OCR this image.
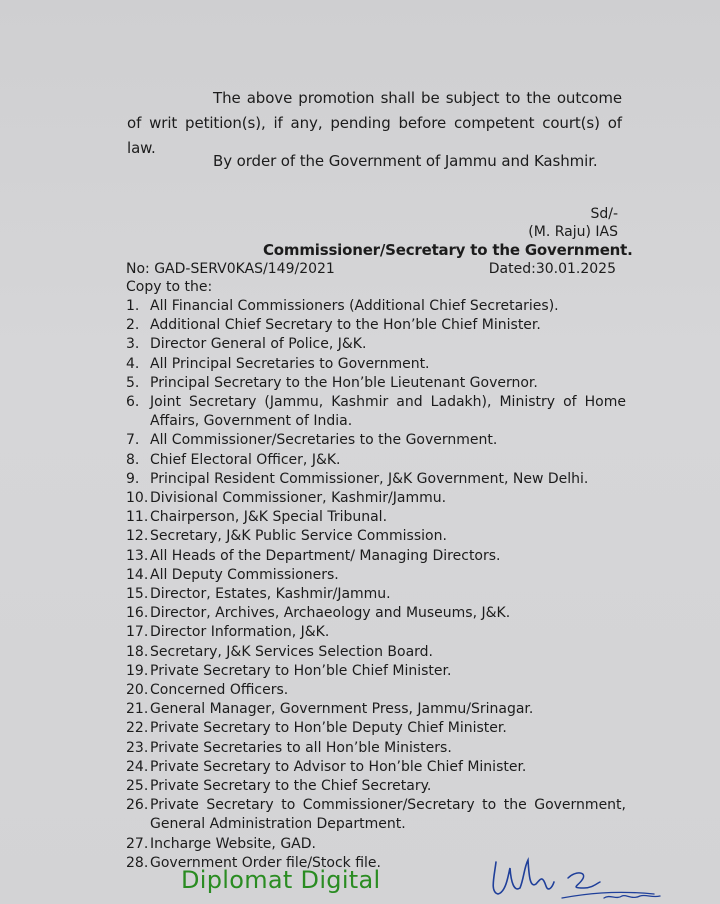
The above promotion shall be subject to the outcome of writ petition(s), if any, pending before competent court(s) of law.
By order of the Government of Jammu and Kashmir.
Sd/-
(M. Raju) IAS
Commissioner/Secretary to the Government.
No: GAD-SERV0KAS/149/2021	Dated:30.01.2025
Copy to the:
1. All Financial Commissioners (Additional Chief Secretaries).
2. Additional Chief Secretary to the Hon’ble Chief Minister.
3. Director General of Police, J&K.
4. All Principal Secretaries to Government.
5. Principal Secretary to the Hon’ble Lieutenant Governor.
6. Joint Secretary (Jammu, Kashmir and Ladakh), Ministry of Home Affairs, Government of India.
7. All Commissioner/Secretaries to the Government.
8. Chief Electoral Officer, J&K.
9. Principal Resident Commissioner, J&K Government, New Delhi.
10. Divisional Commissioner, Kashmir/Jammu.
11. Chairperson, J&K Special Tribunal.
12. Secretary, J&K Public Service Commission.
13. All Heads of the Department/ Managing Directors.
14. All Deputy Commissioners.
15. Director, Estates, Kashmir/Jammu.
16. Director, Archives, Archaeology and Museums, J&K.
17. Director Information, J&K.
18. Secretary, J&K Services Selection Board.
19. Private Secretary to Hon’ble Chief Minister.
20. Concerned Officers.
21. General Manager, Government Press, Jammu/Srinagar.
22. Private Secretary to Hon’ble Deputy Chief Minister.
23. Private Secretaries to all Hon’ble Ministers.
24. Private Secretary to Advisor to Hon’ble Chief Minister.
25. Private Secretary to the Chief Secretary.
26. Private Secretary to Commissioner/Secretary to the Government, General Administration Department.
27. Incharge Website, GAD.
28. Government Order file/Stock file.
Diplomat Digital
